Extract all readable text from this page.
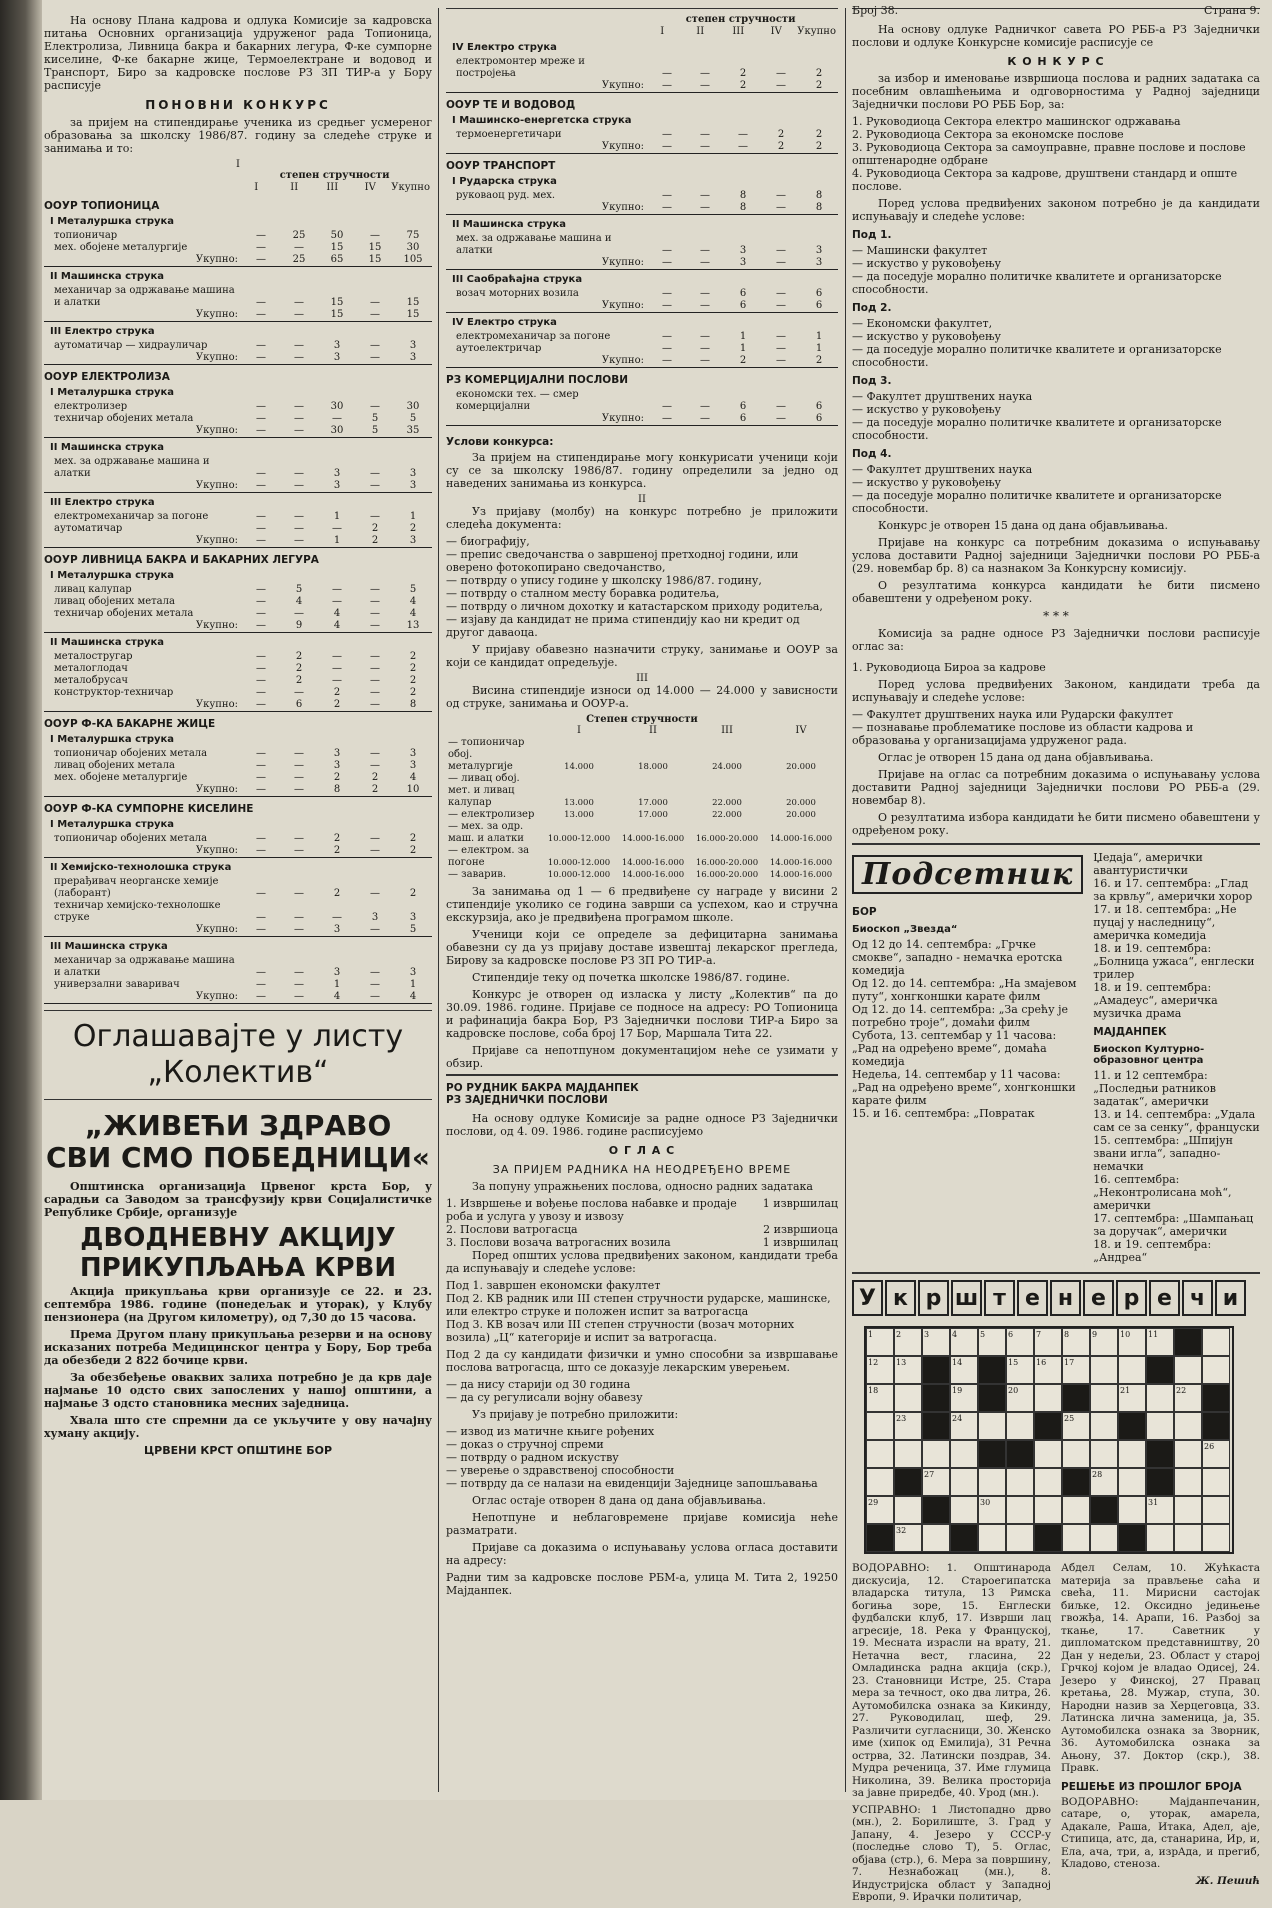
На основу Плана кадрова и одлука Комисије за кадровска питања Основних организација удруженог рада Топионица, Електролиза, Ливница бакра и бакарних легура, Ф-ке сумпорне киселине, Ф-ке бакарне жице, Термоелектране и водовод и Транспорт, Биро за кадровске послове РЗ ЗП ТИР-а у Бору расписује

ПОНОВНИ КОНКУРС

за пријем на стипендирање ученика из средњег усмереног образовања за школску 1986/87. годину за следеће струке и занимања и то:

I
	степен стручности				
	I	II	III	IV	Укупно
ООУР ТОПИОНИЦА
I Металуршка струка
топионичар	—	25	50	—	75
мех. обојене металургије	—	—	15	15	30
Укупно:	—	25	65	15	105
II Машинска струка
механичар за одржавање машина и алатки	—	—	15	—	15
Укупно:	—	—	15	—	15
III Електро струка
аутоматичар — хидрауличар	—	—	3	—	3
Укупно:	—	—	3	—	3
ООУР ЕЛЕКТРОЛИЗА
I Металуршка струка
електролизер	—	—	30	—	30
техничар обојених метала	—	—	—	5	5
Укупно:	—	—	30	5	35
II Машинска струка
мех. за одржавање машина и алатки	—	—	3	—	3
Укупно:	—	—	3	—	3
III Електро струка
електромеханичар за погоне	—	—	1	—	1
аутоматичар	—	—	—	2	2
Укупно:	—	—	1	2	3
ООУР ЛИВНИЦА БАКРА И БАКАРНИХ ЛЕГУРА
I Металуршка струка
ливац калупар	—	5	—	—	5
ливац обојених метала	—	4	—	—	4
техничар обојених метала	—	—	4	—	4
Укупно:	—	9	4	—	13
II Машинска струка
металостругар	—	2	—	—	2
металоглодач	—	2	—	—	2
металобрусач	—	2	—	—	2
конструктор-техничар	—	—	2	—	2
Укупно:	—	6	2	—	8
ООУР Ф-КА БАКАРНЕ ЖИЦЕ
I Металуршка струка
топионичар обојених метала	—	—	3	—	3
ливац обојених метала	—	—	3	—	3
мех. обојене металургије	—	—	2	2	4
Укупно:	—	—	8	2	10
ООУР Ф-КА СУМПОРНЕ КИСЕЛИНЕ
I Металуршка струка
топионичар обојених метала	—	—	2	—	2
Укупно:	—	—	2	—	2
II Хемијско-технолошка струка
прерађивач неорганске хемије (лаборант)	—	—	2	—	2
техничар хемијско-технолошке струке	—	—	—	3	3
Укупно:	—	—	3	—	5
III Машинска струка
механичар за одржавање машина и алатки	—	—	3	—	3
универзални заваривач	—	—	1	—	1
Укупно:	—	—	4	—	4
Оглашавајте у листу
„Колектив“
„ЖИВЕЋИ ЗДРАВО
СВИ СМО ПОБЕДНИЦИ«

Општинска организација Црвеног крста Бор, у сарадњи са Заводом за трансфузију крви Социјалистичке Републике Србије, организује

ДВОДНЕВНУ АКЦИЈУ ПРИКУПЉАЊА КРВИ

Акција прикупљања крви организује се 22. и 23. септембра 1986. године (понедељак и уторак), у Клубу пензионера (на Другом километру), од 7,30 до 15 часова.

Према Другом плану прикупљања резерви и на основу исказаних потреба Медицинског центра у Бору, Бор треба да обезбеди 2 822 бочице крви.

За обезбеђење оваквих залиха потребно је да крв даје најмање 10 одсто свих запослених у нашој општини, а најмање 3 одсто становника месних заједница.

Хвала што сте спремни да се укључите у ову начајну хуману акцију.

ЦРВЕНИ КРСТ ОПШТИНЕ БОР
	степен стручности				
	I	II	III	IV	Укупно
IV Електро струка
електромонтер мреже и постројења	—	—	2	—	2
Укупно:	—	—	2	—	2
ООУР ТЕ И ВОДОВОД
I Машинско-енергетска струка
термоенергетичари	—	—	—	2	2
Укупно:	—	—	—	2	2
ООУР ТРАНСПОРТ
I Рударска струка
руковаоц руд. мех.	—	—	8	—	8
Укупно:	—	—	8	—	8
II Машинска струка
мех. за одржавање машина и алатки	—	—	3	—	3
Укупно:	—	—	3	—	3
III Саобраћајна струка
возач моторних возила	—	—	6	—	6
Укупно:	—	—	6	—	6
IV Електро струка
електромеханичар за погоне	—	—	1	—	1
аутоелектричар	—	—	1	—	1
Укупно:	—	—	2	—	2
РЗ КОМЕРЦИЈАЛНИ ПОСЛОВИ
економски тех. — смер комерцијални	—	—	6	—	6
Укупно:	—	—	6	—	6
Услови конкурса:

За пријем на стипендирање могу конкурисати ученици који су се за школску 1986/87. годину определили за једно од наведених занимања из конкурса.

II

Уз пријаву (молбу) на конкурс потребно је приложити следећа документа:

— биографију,
— препис сведочанства о завршеној претходној години, или оверено фотокопирано сведочанство,
— потврду о упису године у школску 1986/87. годину,
— потврду о сталном месту боравка родитеља,
— потврду о личном дохотку и катастарском приходу родитеља,
— изјаву да кандидат не прима стипендију као ни кредит од другог даваоца.

У пријаву обавезно назначити струку, занимање и ООУР за који се кандидат опредељује.

III

Висина стипендије износи од 14.000 — 24.000 у зависности од струке, занимања и ООУР-а.

Степен стручности
	I	II	III	IV
— топионичар обој. металургије	14.000	18.000	24.000	20.000
— ливац обој. мет. и ливац калупар	13.000	17.000	22.000	20.000
— електролизер	13.000	17.000	22.000	20.000
— мех. за одр. маш. и алатки	10.000-12.000	14.000-16.000	16.000-20.000	14.000-16.000
— електром. за погоне	10.000-12.000	14.000-16.000	16.000-20.000	14.000-16.000
— заварив.	10.000-12.000	14.000-16.000	16.000-20.000	14.000-16.000

За занимања од 1 — 6 предвиђене су награде у висини 2 стипендије уколико се година заврши са успехом, као и стручна екскурзија, ако је предвиђена програмом школе.

Ученици који се определе за дефицитарна занимања обавезни су да уз пријаву доставе извештај лекарског прегледа, Бирову за кадровске послове РЗ ЗП РО ТИР-а.

Стипендије теку од почетка школске 1986/87. године.

Конкурс је отворен од изласка у листу „Колектив“ па до 30.09. 1986. године. Пријаве се подносе на адресу: РО Топионица и рафинација бакра Бор, РЗ Заједнички послови ТИР-а Биро за кадровске послове, соба број 17 Бор, Маршала Тита 22.

Пријаве са непотпуном документацијом неће се узимати у обзир.

РО РУДНИК БАКРА МАЈДАНПЕК
РЗ ЗАЈЕДНИЧКИ ПОСЛОВИ

На основу одлуке Комисије за радне односе РЗ Заједнички послови, од 4. 09. 1986. године расписујемо

О Г Л А С
ЗА ПРИЈЕМ РАДНИКА НА НЕОДРЕЂЕНО ВРЕМЕ

За попуну упражњених послова, односно радних задатака

1. Извршење и вођење послова набавке и продаје роба и услуга у увозу и извозу
1 извршилац
2. Послови ватрогасца	2 извршиоца
3. Послови возача ватрогасних возила	1 извршилац

Поред општих услова предвиђених законом, кандидати треба да испуњавају и следеће услове:

Под 1. завршен економски факултет
Под 2. КВ радник или III степен стручности рударске, машинске, или електро струке и положен испит за ватрогасца
Под 3. КВ возач или III степен стручности (возач моторних возила) „Ц“ категорије и испит за ватрогасца.

Под 2 да су кандидати физички и умно способни за извршавање послова ватрогасца, што се доказује лекарским уверењем.

— да нису старији од 30 година
— да су регулисали војну обавезу

Уз пријаву је потребно приложити:

— извод из матичне књиге рођених
— доказ о стручној спреми
— потврду о радном искуству
— уверење о здравственој способности
— потврду да се налази на евиденцији Заједнице запошљавања

Оглас остаје отворен 8 дана од дана објављивања.

Непотпуне и неблаговремене пријаве комисија неће разматрати.

Пријаве са доказима о испуњавању услова огласа доставити на адресу:

Радни тим за кадровске послове РБМ-а, улица М. Тита 2, 19250 Мајданпек.

Број 38.	Страна 9.

На основу одлуке Радничког савета РО РББ-а РЗ Заједнички послови и одлуке Конкурсне комисије расписује се

К О Н К У Р С

за избор и именовање извршиоца послова и радних задатака са посебним овлашћењима и одговорностима у Радној заједници Заједнички послови РО РББ Бор, за:

1. Руководиоца Сектора електро машинског одржавања
2. Руководиоца Сектора за економске послове
3. Руководиоца Сектора за самоуправне, правне послове и послове општенародне одбране
4. Руководиоца Сектора за кадрове, друштвени стандард и опште послове.

Поред услова предвиђених законом потребно је да кандидати испуњавају и следеће услове:

Под 1.
— Машински факултет
— искуство у руковођењу
— да поседује морално политичке квалитете и организаторске способности.
Под 2.
— Економски факултет,
— искуство у руковођењу
— да поседује морално политичке квалитете и организаторске способности.
Под 3.
— Факултет друштвених наука
— искуство у руковођењу
— да поседује морално политичке квалитете и организаторске способности.
Под 4.
— Факултет друштвених наука
— искуство у руковођењу
— да поседује морално политичке квалитете и организаторске способности.

Конкурс је отворен 15 дана од дана објављивања.

Пријаве на конкурс са потребним доказима о испуњавању услова доставити Радној заједници Заједнички послови РО РББ-а (29. новембар бр. 8) са назнаком За Конкурсну комисију.

О резултатима конкурса кандидати ће бити писмено обавештени у одређеном року.

* * *

Комисија за радне односе РЗ Заједнички послови расписује оглас за:

1. Руководиоца Бироа за кадрове

Поред услова предвиђених Законом, кандидати треба да испуњавају и следеће услове:

— Факултет друштвених наука или Рударски факултет
— познавање проблематике послове из области кадрова и образовања у организацијама удруженог рада.

Оглас је отворен 15 дана од дана објављивања.

Пријаве на оглас са потребним доказима о испуњавању услова доставити Радној заједници Заједнички послови РО РББ-а (29. новембар 8).

О резултатима избора кандидати ће бити писмено обавештени у одређеном року.

Подсетник
БОР
Биоскоп „Звезда“
Од 12 до 14. септембра: „Грчке смокве“, западно - немачка еротска комедија
Од 12. до 14. септембра: „На змајевом путу“, хонгконшки карате филм
Од 12. до 14. септембра: „За срећу је потребно троје“, домаћи филм
Субота, 13. септембар у 11 часова: „Рад на одређено време“, домаћа комедија
Недеља, 14. септембар у 11 часова: „Рад на одређено време“, хонгконшки карате филм
15. и 16. септембра: „Повратак
Џедаја“, амерички авантуристички
16. и 17. септембра: „Глад за крвљу“, амерички хорор
17. и 18. септембра: „Не пуцај у наследницу“, америчка комедија
18. и 19. септембра: „Болница ужаса“, енглески трилер
18. и 19. септембра: „Амадеус“, америчка музичка драма
МАЈДАНПЕК
Биоскоп Културно-образовног центра
11. и 12 септембра: „Последњи ратников задатак“, амерички
13. и 14. септембра: „Удала сам се за сенку“, француски
15. септембра: „Шпијун звани игла“, западно-немачки
16. септембра: „Неконтролисана моћ“, амерички
17. септембра: „Шампањац за доручак“, амерички
18. и 19. септембра: „Андреа“
У к р ш т е н е р е ч и
1	2	3	4	5	6	7	8	9	10	11
12	13	14	15	16	17
18	19	20	21	22
23	24	25
26
27	28
29	30	31
32

ВОДОРАВНО: 1. Општинарода дискусија, 12. Староегипатска владарска титула, 13 Римска богиња зоре, 15. Енглески фудбалски клуб, 17. Изврши лац агресије, 18. Река у Француској, 19. Месната израсли на врату, 21. Нетачна вест, гласина, 22 Омладинска радна акција (скр.), 23. Становници Истре, 25. Стара мера за течност, око два литра, 26. Аутомобилска ознака за Кикинду, 27. Руководилац, шеф, 29. Различити сугласници, 30. Женско име (хипок од Емилија), 31 Речна острва, 32. Латински поздрав, 34. Мудра реченица, 37. Име глумица Николина, 39. Велика просторија за јавне приредбе, 40. Урод (мн.).

УСПРАВНО: 1 Листопадно дрво (мн.), 2. Борилиште, 3. Град у Јапану, 4. Језеро у СССР-у (последње слово Т), 5. Оглас, објава (стр.), 6. Мера за површину, 7. Незнабожац (мн.), 8. Индустријска област у Западној Европи, 9. Ирачки политичар,

Абдел Селам, 10. Жућкаста материја за прављење саћа и свећа, 11. Мирисни састојак биљке, 12. Оксидно једињење гвожђа, 14. Арапи, 16. Разбој за ткање, 17. Саветник у дипломатском представништву, 20 Дан у недељи, 23. Област у старој Грчкој којом је владао Одисеј, 24. Језеро у Финској, 27 Правац кретања, 28. Мужар, ступа, 30. Народни назив за Херцеговца, 33. Латинска лична заменица, ја, 35. Аутомобилска ознака за Зворник, 36. Аутомобилска ознака за Ањону, 37. Доктор (скр.), 38. Правк.

РЕШЕЊЕ ИЗ ПРОШЛОГ БРОЈА

ВОДОРАВНО: Мајданпечанин, сатаре, о, уторак, амарела, Адакале, Раша, Итака, Адел, аје, Стипица, атс, да, станарина, Ир, и, Ела, ача, три, а, изрAда, и прегиб, Кладово, стеноза.

Ж. Пешић
